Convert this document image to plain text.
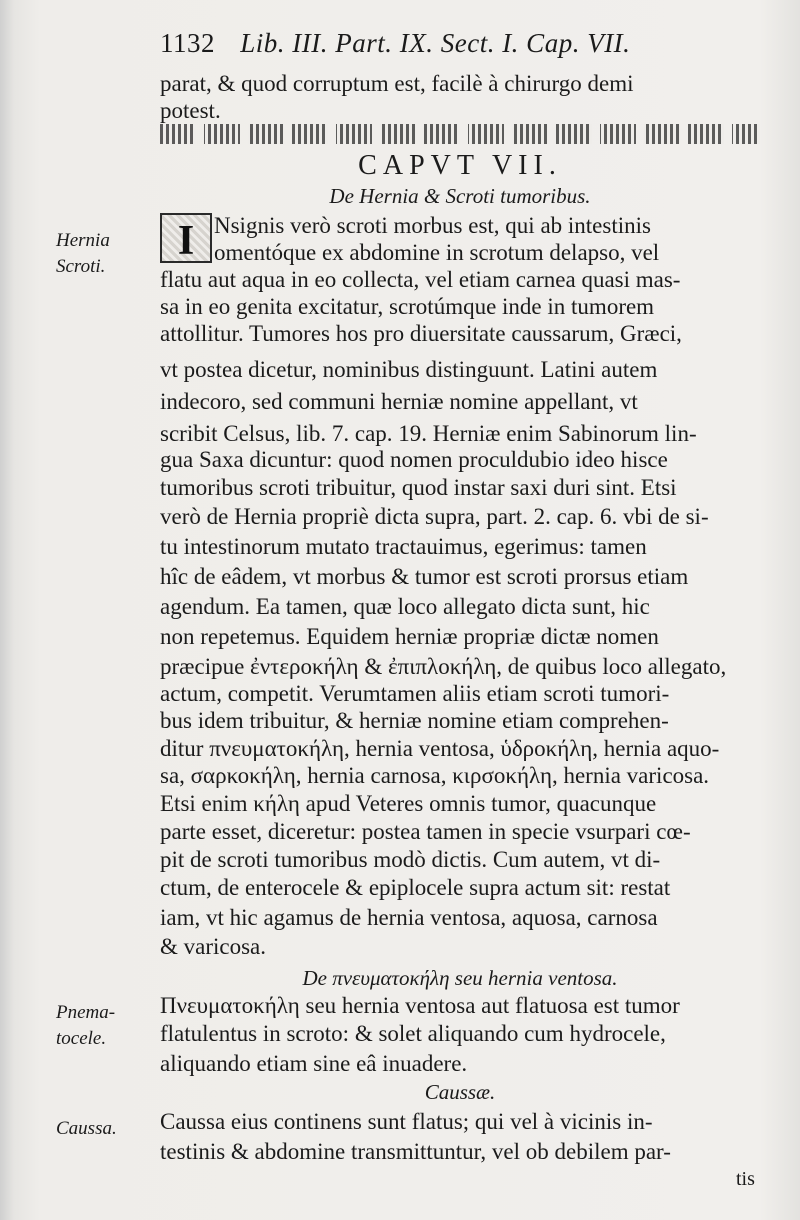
1132 Lib. III. Part. IX. Sect. I. Cap. VII.
parat, & quod corruptum est, facilè à chirurgo demi
potest.
CAPVT VII.
De Hernia & Scroti tumoribus.
I
Hernia
Scroti.
Nsignis verò scroti morbus est, qui ab intestinis
omentóque ex abdomine in scrotum delapso, vel
flatu aut aqua in eo collecta, vel etiam carnea quasi mas-
sa in eo genita excitatur, scrotúmque inde in tumorem
attollitur. Tumores hos pro diuersitate caussarum, Græci,
vt postea dicetur, nominibus distinguunt. Latini autem
indecoro, sed communi herniæ nomine appellant, vt
scribit Celsus, lib. 7. cap. 19. Herniæ enim Sabinorum lin-
gua Saxa dicuntur: quod nomen proculdubio ideo hisce
tumoribus scroti tribuitur, quod instar saxi duri sint. Etsi
verò de Hernia propriè dicta supra, part. 2. cap. 6. vbi de si-
tu intestinorum mutato tractauimus, egerimus: tamen
hîc de eâdem, vt morbus & tumor est scroti prorsus etiam
agendum. Ea tamen, quæ loco allegato dicta sunt, hic
non repetemus. Equidem herniæ propriæ dictæ nomen
præcipue ἐντεροκήλη & ἐπιπλοκήλη, de quibus loco allegato,
actum, competit. Verumtamen aliis etiam scroti tumori-
bus idem tribuitur, & herniæ nomine etiam comprehen-
ditur πνευματοκήλη, hernia ventosa, ὑδροκήλη, hernia aquo-
sa, σαρκοκήλη, hernia carnosa, κιρσοκήλη, hernia varicosa.
Etsi enim κήλη apud Veteres omnis tumor, quacunque
parte esset, diceretur: postea tamen in specie vsurpari cœ-
pit de scroti tumoribus modò dictis. Cum autem, vt di-
ctum, de enterocele & epiplocele supra actum sit: restat
iam, vt hic agamus de hernia ventosa, aquosa, carnosa
& varicosa.
De πνευματοκήλη seu hernia ventosa.
Pnema-
tocele.
Πνευματοκήλη seu hernia ventosa aut flatuosa est tumor
flatulentus in scroto: & solet aliquando cum hydrocele,
aliquando etiam sine eâ inuadere.
Caussæ.
Caussa.	Caussa eius continens sunt flatus; qui vel à vicinis in-
testinis & abdomine transmittuntur, vel ob debilem par-
tis
